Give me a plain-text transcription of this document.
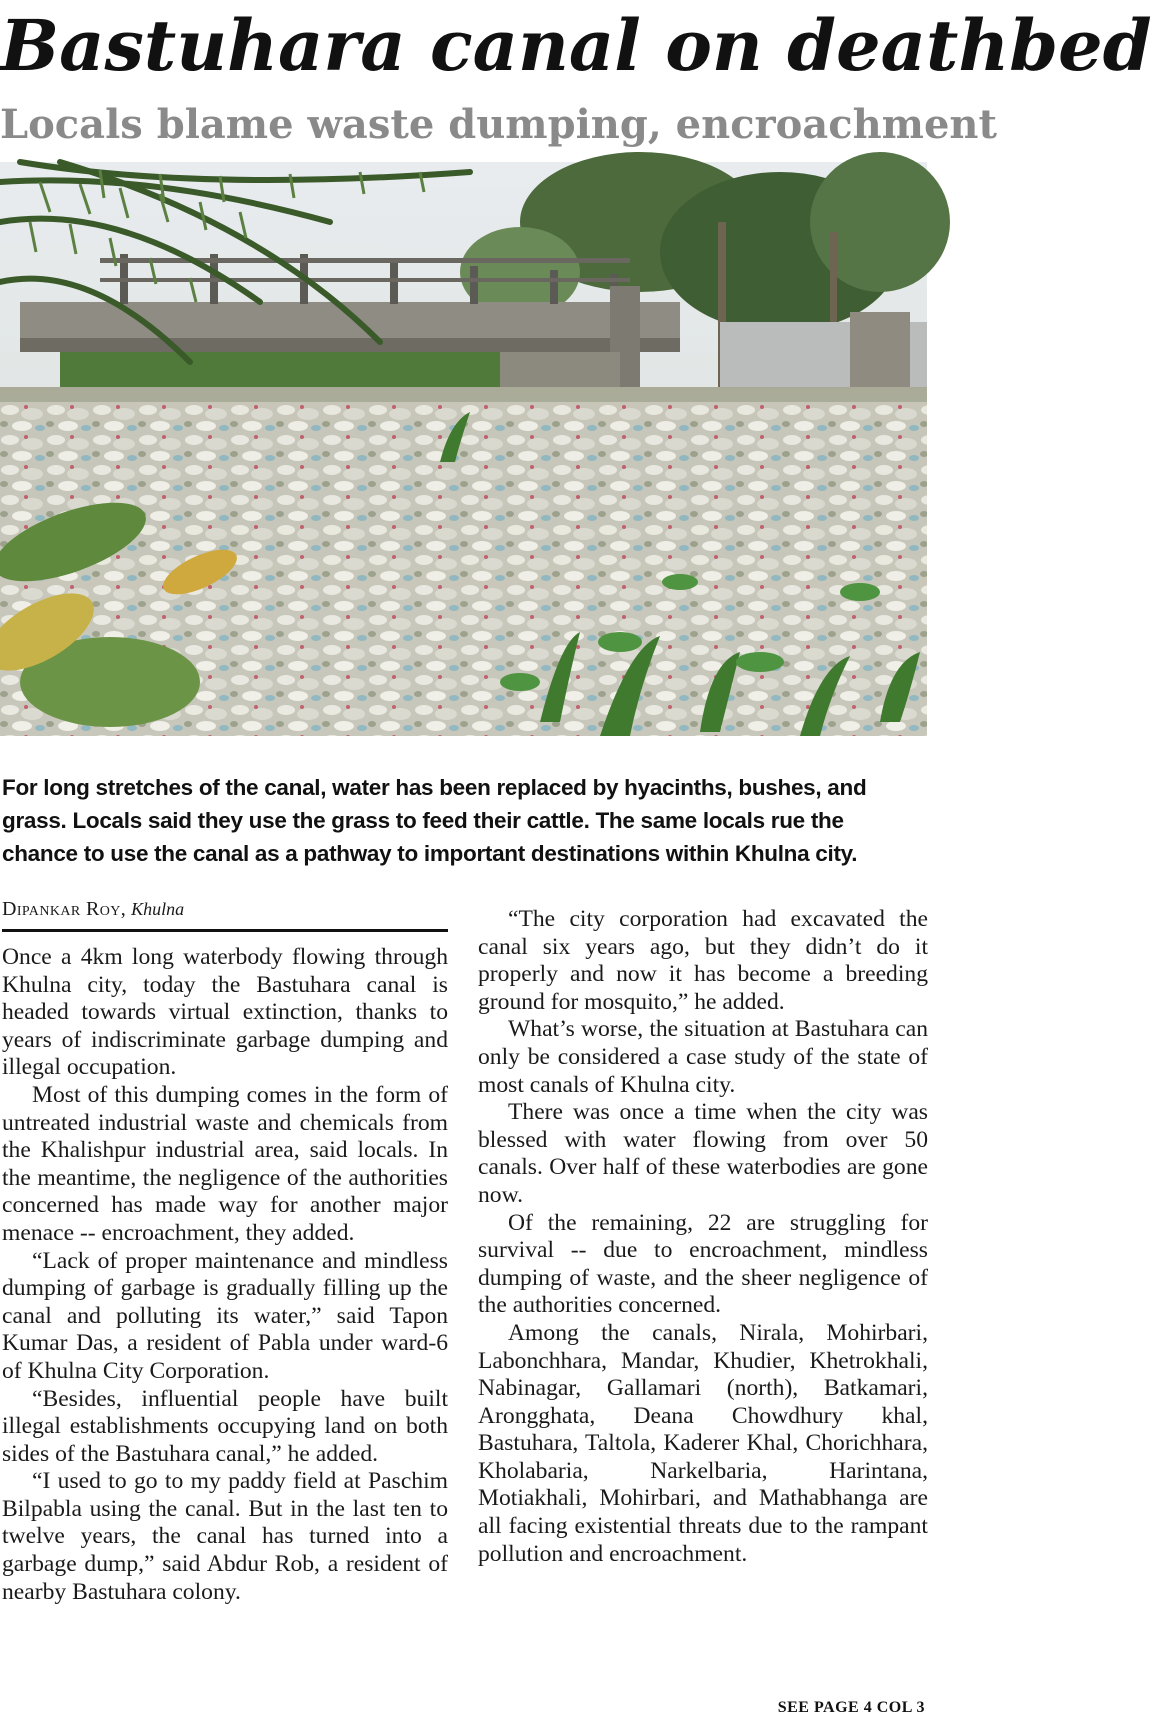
Bastuhara canal on deathbed
Locals blame waste dumping, encroachment
For long stretches of the canal, water has been replaced by hyacinths, bushes, and grass. Locals said they use the grass to feed their cattle. The same locals rue the chance to use the canal as a pathway to important destinations within Khulna city.
Dipankar Roy, Khulna

Once a 4km long waterbody flowing through Khulna city, today the Bastuhara canal is headed towards virtual extinction, thanks to years of indiscriminate garbage dumping and illegal occupation.

Most of this dumping comes in the form of untreated industrial waste and chemicals from the Khalishpur industrial area, said locals. In the meantime, the negligence of the authorities concerned has made way for another major menace -- encroachment, they added.

“Lack of proper maintenance and mindless dumping of garbage is gradually filling up the canal and polluting its water,” said Tapon Kumar Das, a resident of Pabla under ward-6 of Khulna City Corporation.

“Besides, influential people have built illegal establishments occupying land on both sides of the Bastuhara canal,” he added.

“I used to go to my paddy field at Paschim Bilpabla using the canal. But in the last ten to twelve years, the canal has turned into a garbage dump,” said Abdur Rob, a resident of nearby Bastuhara colony.

“The city corporation had excavated the canal six years ago, but they didn’t do it properly and now it has become a breeding ground for mosquito,” he added.

What’s worse, the situation at Bastuhara can only be considered a case study of the state of most canals of Khulna city.

There was once a time when the city was blessed with water flowing from over 50 canals. Over half of these waterbodies are gone now.

Of the remaining, 22 are struggling for survival -- due to encroachment, mindless dumping of waste, and the sheer negligence of the authorities concerned.

Among the canals, Nirala, Mohirbari, Labonchhara, Mandar, Khudier, Khetrokhali, Nabinagar, Gallamari (north), Batkamari, Arongghata, Deana Chowdhury khal, Bastuhara, Taltola, Kaderer Khal, Chorichhara, Kholabaria, Narkelbaria, Harintana, Motiakhali, Mohirbari, and Mathabhanga are all facing existential threats due to the rampant pollution and encroachment.

SEE PAGE 4 COL 3
